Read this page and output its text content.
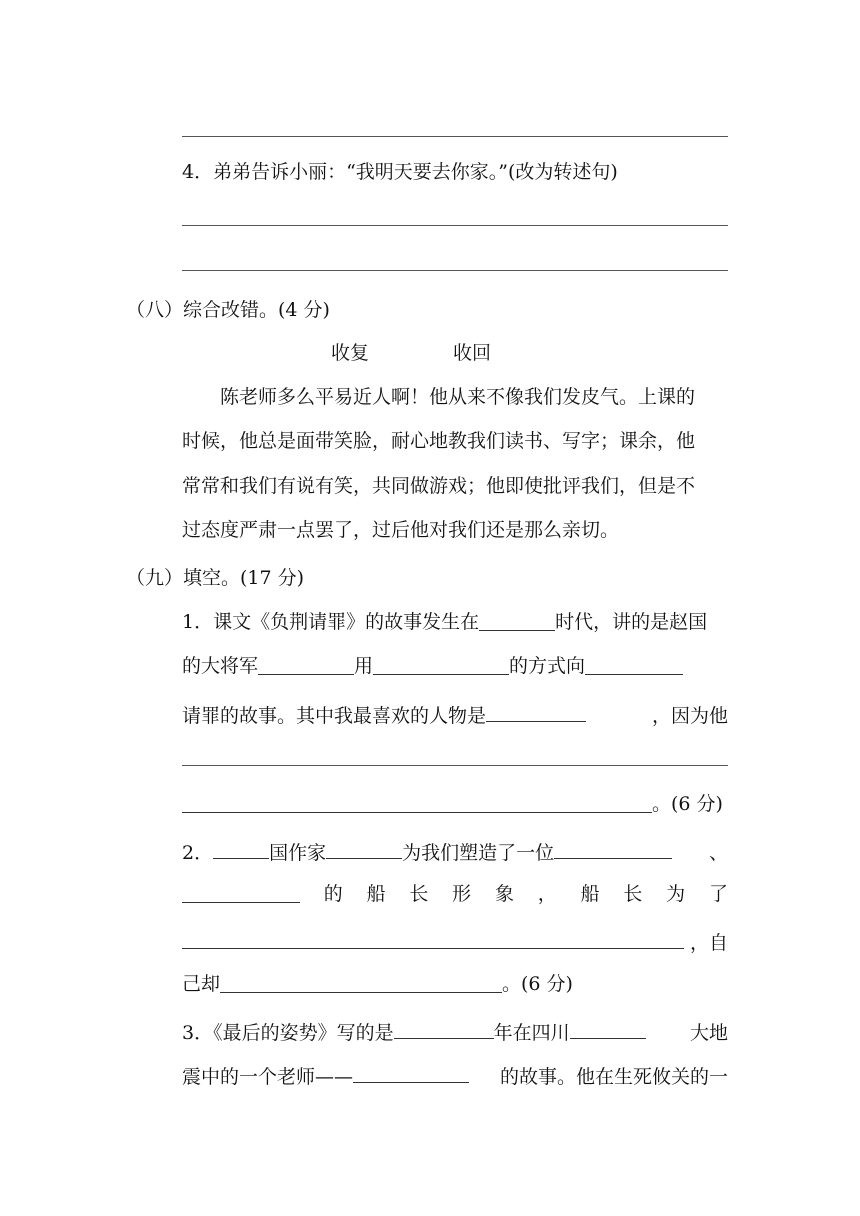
4．弟弟告诉小丽：“我明天要去你家。”(改为转述句)
（八）综合改错。(4 分)
收复	收回
陈老师多么平易近人啊！他从来不像我们发皮气。上课的
时候，他总是面带笑脸，耐心地教我们读书、写字；课余，他
常常和我们有说有笑，共同做游戏；他即使批评我们，但是不
过态度严肃一点罢了，过后他对我们还是那么亲切。
（九）填空。(17 分)
1．课文《负荆请罪》的故事发生在	时代，讲的是赵国
的大将军	用	的方式向
请罪的故事。其中我最喜欢的人物是	，因为他
。(6 分)
2．	国作家	为我们塑造了一位	、
的 船 长 形 象 ， 船 长 为 了
，自
己却	。(6 分)
3．《最后的姿势》写的是	年在四川	大地
震中的一个老师——	的故事。他在生死攸关的一
